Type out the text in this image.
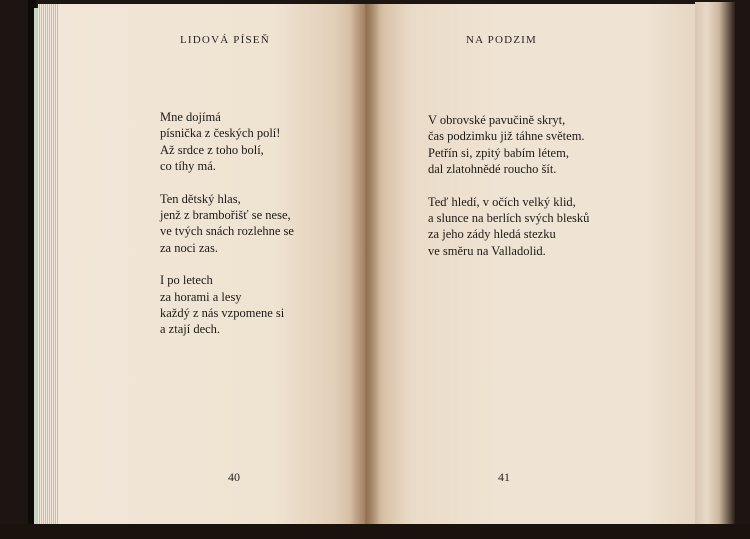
LIDOVÁ PÍSEŇ	NA PODZIM
Mne dojímá
písnička z českých polí!
Až srdce z toho bolí,
co tíhy má.
Ten dětský hlas,
jenž z brambořišť se nese,
ve tvých snách rozlehne se
za noci zas.
I po letech
za horami a lesy
každý z nás vzpomene si
a ztají dech.
V obrovské pavučině skryt,
čas podzimku již táhne světem.
Petřín si, zpitý babím létem,
dal zlatohnědé roucho šít.
Teď hledí, v očích velký klid,
a slunce na berlích svých blesků
za jeho zády hledá stezku
ve směru na Valladolid.
40	41
